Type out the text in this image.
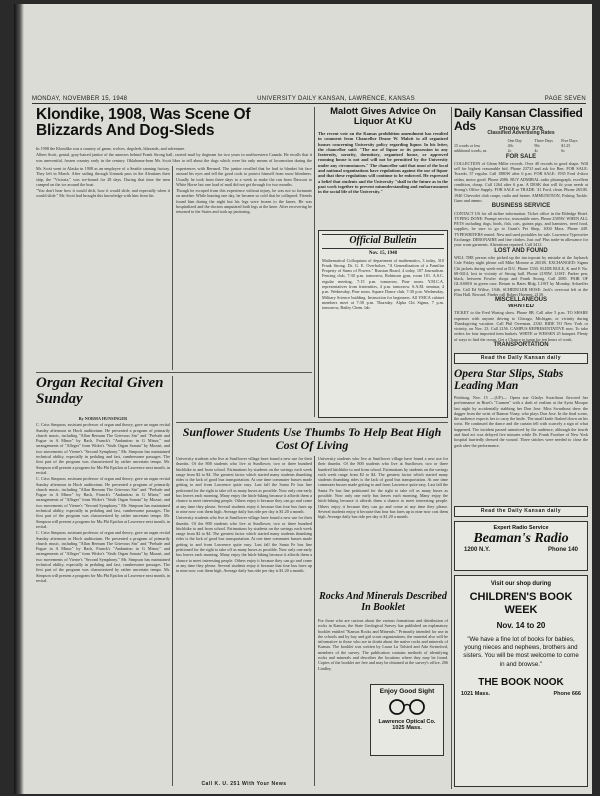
MONDAY, NOVEMBER 15, 1948	UNIVERSITY DAILY KANSAN, LAWRENCE, KANSAS	PAGE SEVEN
Klondike, 1908, Was Scene Of Blizzards And Dog-Sleds

In 1908 the Klondike was a country of game, wolves, dogsleds, blizzards, and adventure.

Albert Scott, genial, gray-haired janitor of the annexes behind Frank Strong hall, carried mail by dogteam for two years in northwestern Canada. He recalls that it was uneventful, frozen country early in the century. Oklahoma-born Mr. Scott likes to tell about the dogs which were his only means of locomotion during the

Mr. Scott went to Alaska in 1908 as an employee of a Seattle canning factory. They left in March. After sailing through Unimak pass in the Aleutians their ship, the "Victoria," was ice-bound for 28 days. During that time the men camped on the ice around the boat.

"You don't hear how it would drift, how it would slide, and especially when it would slide." Mr. Scott had brought this knowledge with him from his

experiences with Bernard. The janitor recalled that he had to blanket his face around his eyes and tell the good cook to protect himself from snow blindness. Usually he took from three days to a week to make the run from Dawson to White Horse but one load of mail did not get through for two months.

Though he escaped from this experience without injury, he was not so fortunate on another. While hunting one day, he became so cold that he collapsed. Friends found him during the night but his legs were frozen to the knees. He was hospitalized and the doctors amputated both legs at the knee. After recovering he returned to the States and took up janitoring.

Organ Recital Given Sunday

By NORMA HUNSINGER

C. Criss Simpson, assistant professor of organ and theory, gave an organ recital Sunday afternoon in Hoch auditorium. He presented a program of primarily church music, including "Allan Bernum The Grievous Sin" and "Prelude and Fugue in A Minor" by Bach, Franck's "Andantino in G Minor," and arrangements of "Alleger" from Widor's "Sixth Organ Sonata" by Mozart, and two movements of Vierne's "Second Symphony." Mr. Simpson has maintained technical ability, especially in pedaling and fast, cumbersome passages. The first part of the program was characterized by rather uncertain tempo. Mr. Simpson will present a program for Mu Phi Epsilon at Lawrence next month, in recital.

C. Criss Simpson, assistant professor of organ and theory, gave an organ recital Sunday afternoon in Hoch auditorium. He presented a program of primarily church music, including "Allan Bernum The Grievous Sin" and "Prelude and Fugue in A Minor" by Bach, Franck's "Andantino in G Minor," and arrangements of "Alleger" from Widor's "Sixth Organ Sonata" by Mozart, and two movements of Vierne's "Second Symphony." Mr. Simpson has maintained technical ability, especially in pedaling and fast, cumbersome passages. The first part of the program was characterized by rather uncertain tempo. Mr. Simpson will present a program for Mu Phi Epsilon at Lawrence next month, in recital.

C. Criss Simpson, assistant professor of organ and theory, gave an organ recital Sunday afternoon in Hoch auditorium. He presented a program of primarily church music, including "Allan Bernum The Grievous Sin" and "Prelude and Fugue in A Minor" by Bach, Franck's "Andantino in G Minor," and arrangements of "Alleger" from Widor's "Sixth Organ Sonata" by Mozart, and two movements of Vierne's "Second Symphony." Mr. Simpson has maintained technical ability, especially in pedaling and fast, cumbersome passages. The first part of the program was characterized by rather uncertain tempo. Mr. Simpson will present a program for Mu Phi Epsilon at Lawrence next month, in recital.

Malott Gives Advice On Liquor At KU

The recent vote on the Kansas prohibition amendment has resulted in comment from Chancellor Deane W. Malott to all organized houses concerning University policy regarding liquor. In his letter, the chancellor said: "The use of liquor or its possession in any fraternity, sorority, dormitory, organized house, or approved rooming house is not and will not be permitted by the University under any circumstances." The chancellor said that most of the local and national organizations have regulations against the use of liquor and that these regulations will continue to be enforced. He expressed a belief that students and the University "shall in the future as in the past work together to prevent misunderstanding and embarrassment in the social life of the University."

Official Bulletin
Nov. 15, 1948
Mathematical Colloquium of department of mathematics, 3 today, 310 Frank Strong. Dr. G. E. Overholser, "A Generalization of a Familiar Property of Sums of Powers." Russian Board, 4 today, 107 Journalism. Fencing club, 7:30 p.m. tomorrow, Robinson gym, room 101. A.S.C. regular meeting, 7:15 p.m. tomorrow, Pine room. Y.M.C.A. representatives from fraternities, 4 p.m. tomorrow. S.A.M. seminar, 4 p.m. Wednesday, Pine room. Square Dance club, 7:30 p.m. Wednesday, Military Science building. Instruction for beginners. All YMCA cabinet members meet at 7:30 p.m. Thursday. Alpha Chi Sigma, 7 p.m. tomorrow, Bailey Chem. lab.
Sunflower Students Use Thumbs To Help Beat High Cost Of Living

University students who live at Sunflower village have found a new use for their thumbs. Of the 800 students who live at Sunflower, two or three hundred hitchhike to and from school. Estimations by students on the savings each week range from $2 to $4. The greatest factor which started many students thumbing rides is the lack of good bus transportation. At one time commuter busses made getting to and from Lawrence quite easy. Last fall the Santa Fe bus line petitioned for the right to take off as many buses as possible. Now only one early bus leaves each morning. Many enjoy the hitch-hiking because it affords them a chance to meet interesting people. Others enjoy it because they can go and come at any time they please. Several students enjoy it because that four bus fares up to nine now cost them high. Average daily bus ride per day is $1.20 a month.

University students who live at Sunflower village have found a new use for their thumbs. Of the 800 students who live at Sunflower, two or three hundred hitchhike to and from school. Estimations by students on the savings each week range from $2 to $4. The greatest factor which started many students thumbing rides is the lack of good bus transportation. At one time commuter busses made getting to and from Lawrence quite easy. Last fall the Santa Fe bus line petitioned for the right to take off as many buses as possible. Now only one early bus leaves each morning. Many enjoy the hitch-hiking because it affords them a chance to meet interesting people. Others enjoy it because they can go and come at any time they please. Several students enjoy it because that four bus fares up to nine now cost them high. Average daily bus ride per day is $1.20 a month.

Call K. U. 251 With Your News
Rocks And Minerals Described In Booklet

For those who are curious about the various formations and distribution of rocks in Kansas, the State Geological Survey has published an explanatory booklet entitled "Kansas Rocks and Minerals." Primarily intended for use in the schools and by boy and girl scout organizations, the material also will be informative to those who are in doubt about the native rocks and minerals of Kansas. The booklet was written by Laura Lu Tolsted and Ada Swineford, members of the survey. The publication contains methods of identifying rocks and minerals and describes the locations where they may be found. Copies of the booklet are free and may be obtained at the survey's office, 206 Lindley.

University students who live at Sunflower village have found a new use for their thumbs. Of the 800 students who live at Sunflower, two or three hundred hitchhike to and from school. Estimations by students on the savings each week range from $2 to $4. The greatest factor which started many students thumbing rides is the lack of good bus transportation. At one time commuter busses made getting to and from Lawrence quite easy. Last fall the Santa Fe bus line petitioned for the right to take off as many buses as possible. Now only one early bus leaves each morning. Many enjoy the hitch-hiking because it affords them a chance to meet interesting people. Others enjoy it because they can go and come at any time they please. Several students enjoy it because that four bus fares up to nine now cost them high. Average daily bus ride per day is $1.20 a month.

Daily Kansan Classified Ads	Phone KU 376

Classified Advertising Rates

One Day	Three Days	Five Days
15 words or less	40c	90c	$1.25
additional words, ea.	2c	4c	6c

FOR SALE

COLLECTION of Glenn Miller records. Over 40 records in good shape. Will sell for highest reasonable bid. Phone 2373J and ask for Ben. FOR SALE: Tuxedo, 37 regular. Call 1880W after 6 p.m. FOR SALE: 1935 Ford 4-door sedan, motor good. Phone 2086. BUY ADMIRAL radio phonograph, excellent condition, cheap. Call 1264 after 6 p.m. A DESK that will fit your needs at Strong's Office Supply. FOR SALE or TRADE: '41 Ford, clean. Phone 2651R. 1940 Chevrolet club coupe, radio and heater. AMMUNITION, Fishing Tackle. Guns and ammo.

BUSINESS SERVICE

CONTACT US for all airline information. Ticket office in the Eldridge Hotel. TYPING DONE: Prompt service, reasonable rates. Phone 2585W. WHEN ALL PETS including dogs, birds, fish, cats, guinea pigs, and hamsters, need food, supplies, be sure to go to Grant's Pet Shop, 1004 Mass. Phone 449. TYPEWRITERS rented. New and used portables for sale. Lawrence Typewriter Exchange. DEBONAIRE and fine clothes. Just out! Plus trade-in allowance for your worn garments. Alterations repaired. Call 3412.

LOST AND FOUND

WILL THE person who picked up the tan topcoat by mistake at the Jayhawk Cafe Friday night please call Mike Monroe at 2651R. EXCHANGED: Sigma Chi jackets during week-end at D.U. Phone 1530. SLIDE RULE, K and E No. 68-0414, lost in vicinity of Strong hall. Phone 2195W. LOST: Parker pen, black, between Fowler shops and Frank Strong. Call 2085. PAIR OF GLASSES in green case. Return to Bates Bldg. LOST by Monday, Schaeffer pen. Call Ed Wiltse, 1946. SCHEDULER HOSE: Jack's overcoat left at the Flint Hall. Reward. Finder call Robert Hoerner, 2130.

MISCELLANEOUS

WANTED

TICKET to the Fred Waring show. Phone 8B. Call after 5 p.m. TO SHARE expenses with anyone driving to Chicago, Michigan, or vicinity during Thanksgiving vacation. Call Phil Overman, 2330. RIDE TO New York or vicinity, on Nov. 23. Call 2156. CAMPUS REPRESENTATIVE now. To take orders for four imported item baskets. WHITE or WESSEN 25 banquet. Plenty of ways to find the ocean. Get a Chance to jump for ten hours of work.

TRANSPORTATION

Read the Daily Kansan daily
Opera Star Slips, Stabs Leading Man

Pittsburg, Nov. 15 —(UP)— Opera star Gladys Swarthout flavored her performance in Bizet's "Carmen" with a dash of realism at the Syria Mosque last night by accidentally stabbing her Don Jose. Miss Swarthout drew the dagger from the wrist of Ramon Vinay, who plays Don Jose. In the final scene, the audience expects her to carry the knife. The small knife flashed down on his wrist. He continued the dance and the curtain fell with scarcely a sign of what happened. The incident passed unnoticed by the audience, although the fourth and final act was delayed five minutes while Dr. Frank Fooshee of New York hospital hurriedly dressed the wound. Three stitches were needed to close the gash after the performance.

Read the Daily Kansan daily
Expert Radio Service
Beaman's Radio
1200 N.Y.	Phone 140
Visit our shop during
CHILDREN'S BOOK WEEK
Nov. 14 to 20
"We have a fine lot of books for babies, young nieces and nephews, brothers and sisters. You will be most welcome to come in and browse."
THE BOOK NOOK
1021 Mass.	Phone 666
Enjoy Good Sight
Lawrence Optical Co.
1025 Mass.
